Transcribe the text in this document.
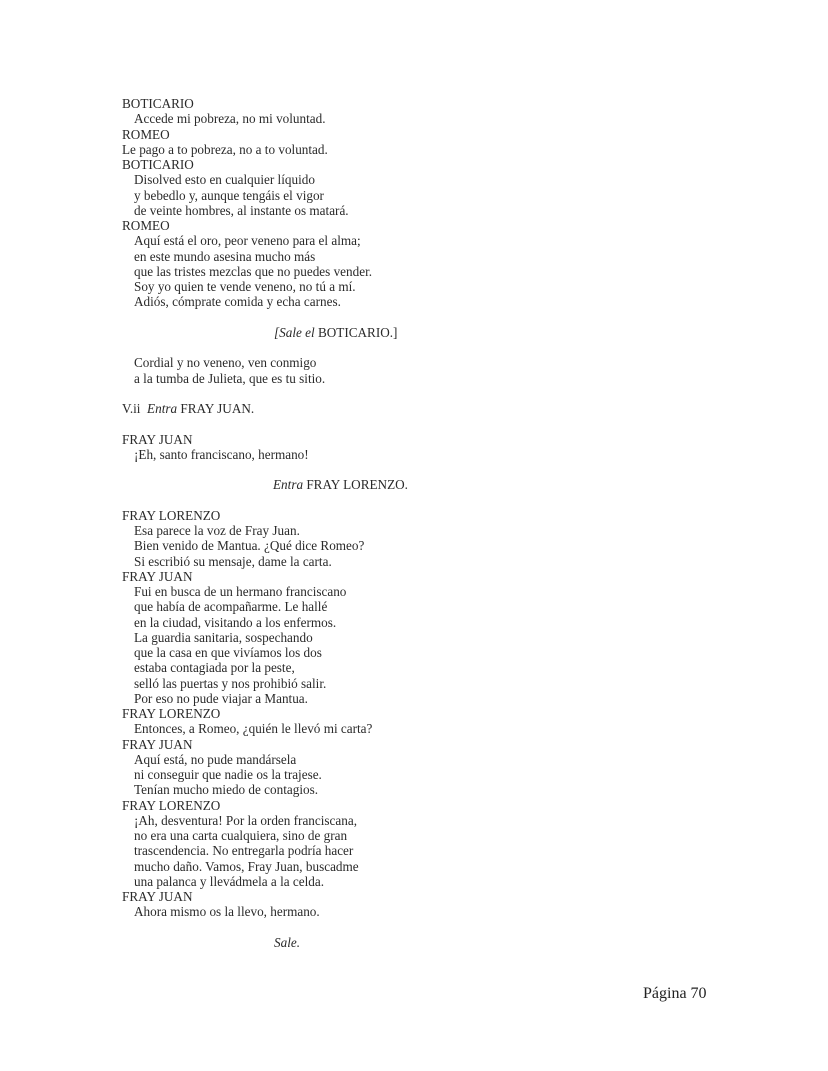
BOTICARIO
Accede mi pobreza, no mi voluntad.
ROMEO
Le pago a to pobreza, no a to voluntad.
BOTICARIO
Disolved esto en cualquier líquido
y bebedlo y, aunque tengáis el vigor
de veinte hombres, al instante os matará.
ROMEO
Aquí está el oro, peor veneno para el alma;
en este mundo asesina mucho más
que las tristes mezclas que no puedes vender.
Soy yo quien te vende veneno, no tú a mí.
Adiós, cómprate comida y echa carnes.
[Sale el BOTICARIO.]
Cordial y no veneno, ven conmigo
a la tumba de Julieta, que es tu sitio.
V.ii  Entra FRAY JUAN.
FRAY JUAN
¡Eh, santo franciscano, hermano!
Entra FRAY LORENZO.
FRAY LORENZO
Esa parece la voz de Fray Juan.
Bien venido de Mantua. ¿Qué dice Romeo?
Si escribió su mensaje, dame la carta.
FRAY JUAN
Fui en busca de un hermano franciscano
que había de acompañarme. Le hallé
en la ciudad, visitando a los enfermos.
La guardia sanitaria, sospechando
que la casa en que vivíamos los dos
estaba contagiada por la peste,
selló las puertas y nos prohibió salir.
Por eso no pude viajar a Mantua.
FRAY LORENZO
Entonces, a Romeo, ¿quién le llevó mi carta?
FRAY JUAN
Aquí está, no pude mandársela
ni conseguir que nadie os la trajese.
Tenían mucho miedo de contagios.
FRAY LORENZO
¡Ah, desventura! Por la orden franciscana,
no era una carta cualquiera, sino de gran
trascendencia. No entregarla podría hacer
mucho daño. Vamos, Fray Juan, buscadme
una palanca y llevádmela a la celda.
FRAY JUAN
Ahora mismo os la llevo, hermano.
Sale.
Página 70
